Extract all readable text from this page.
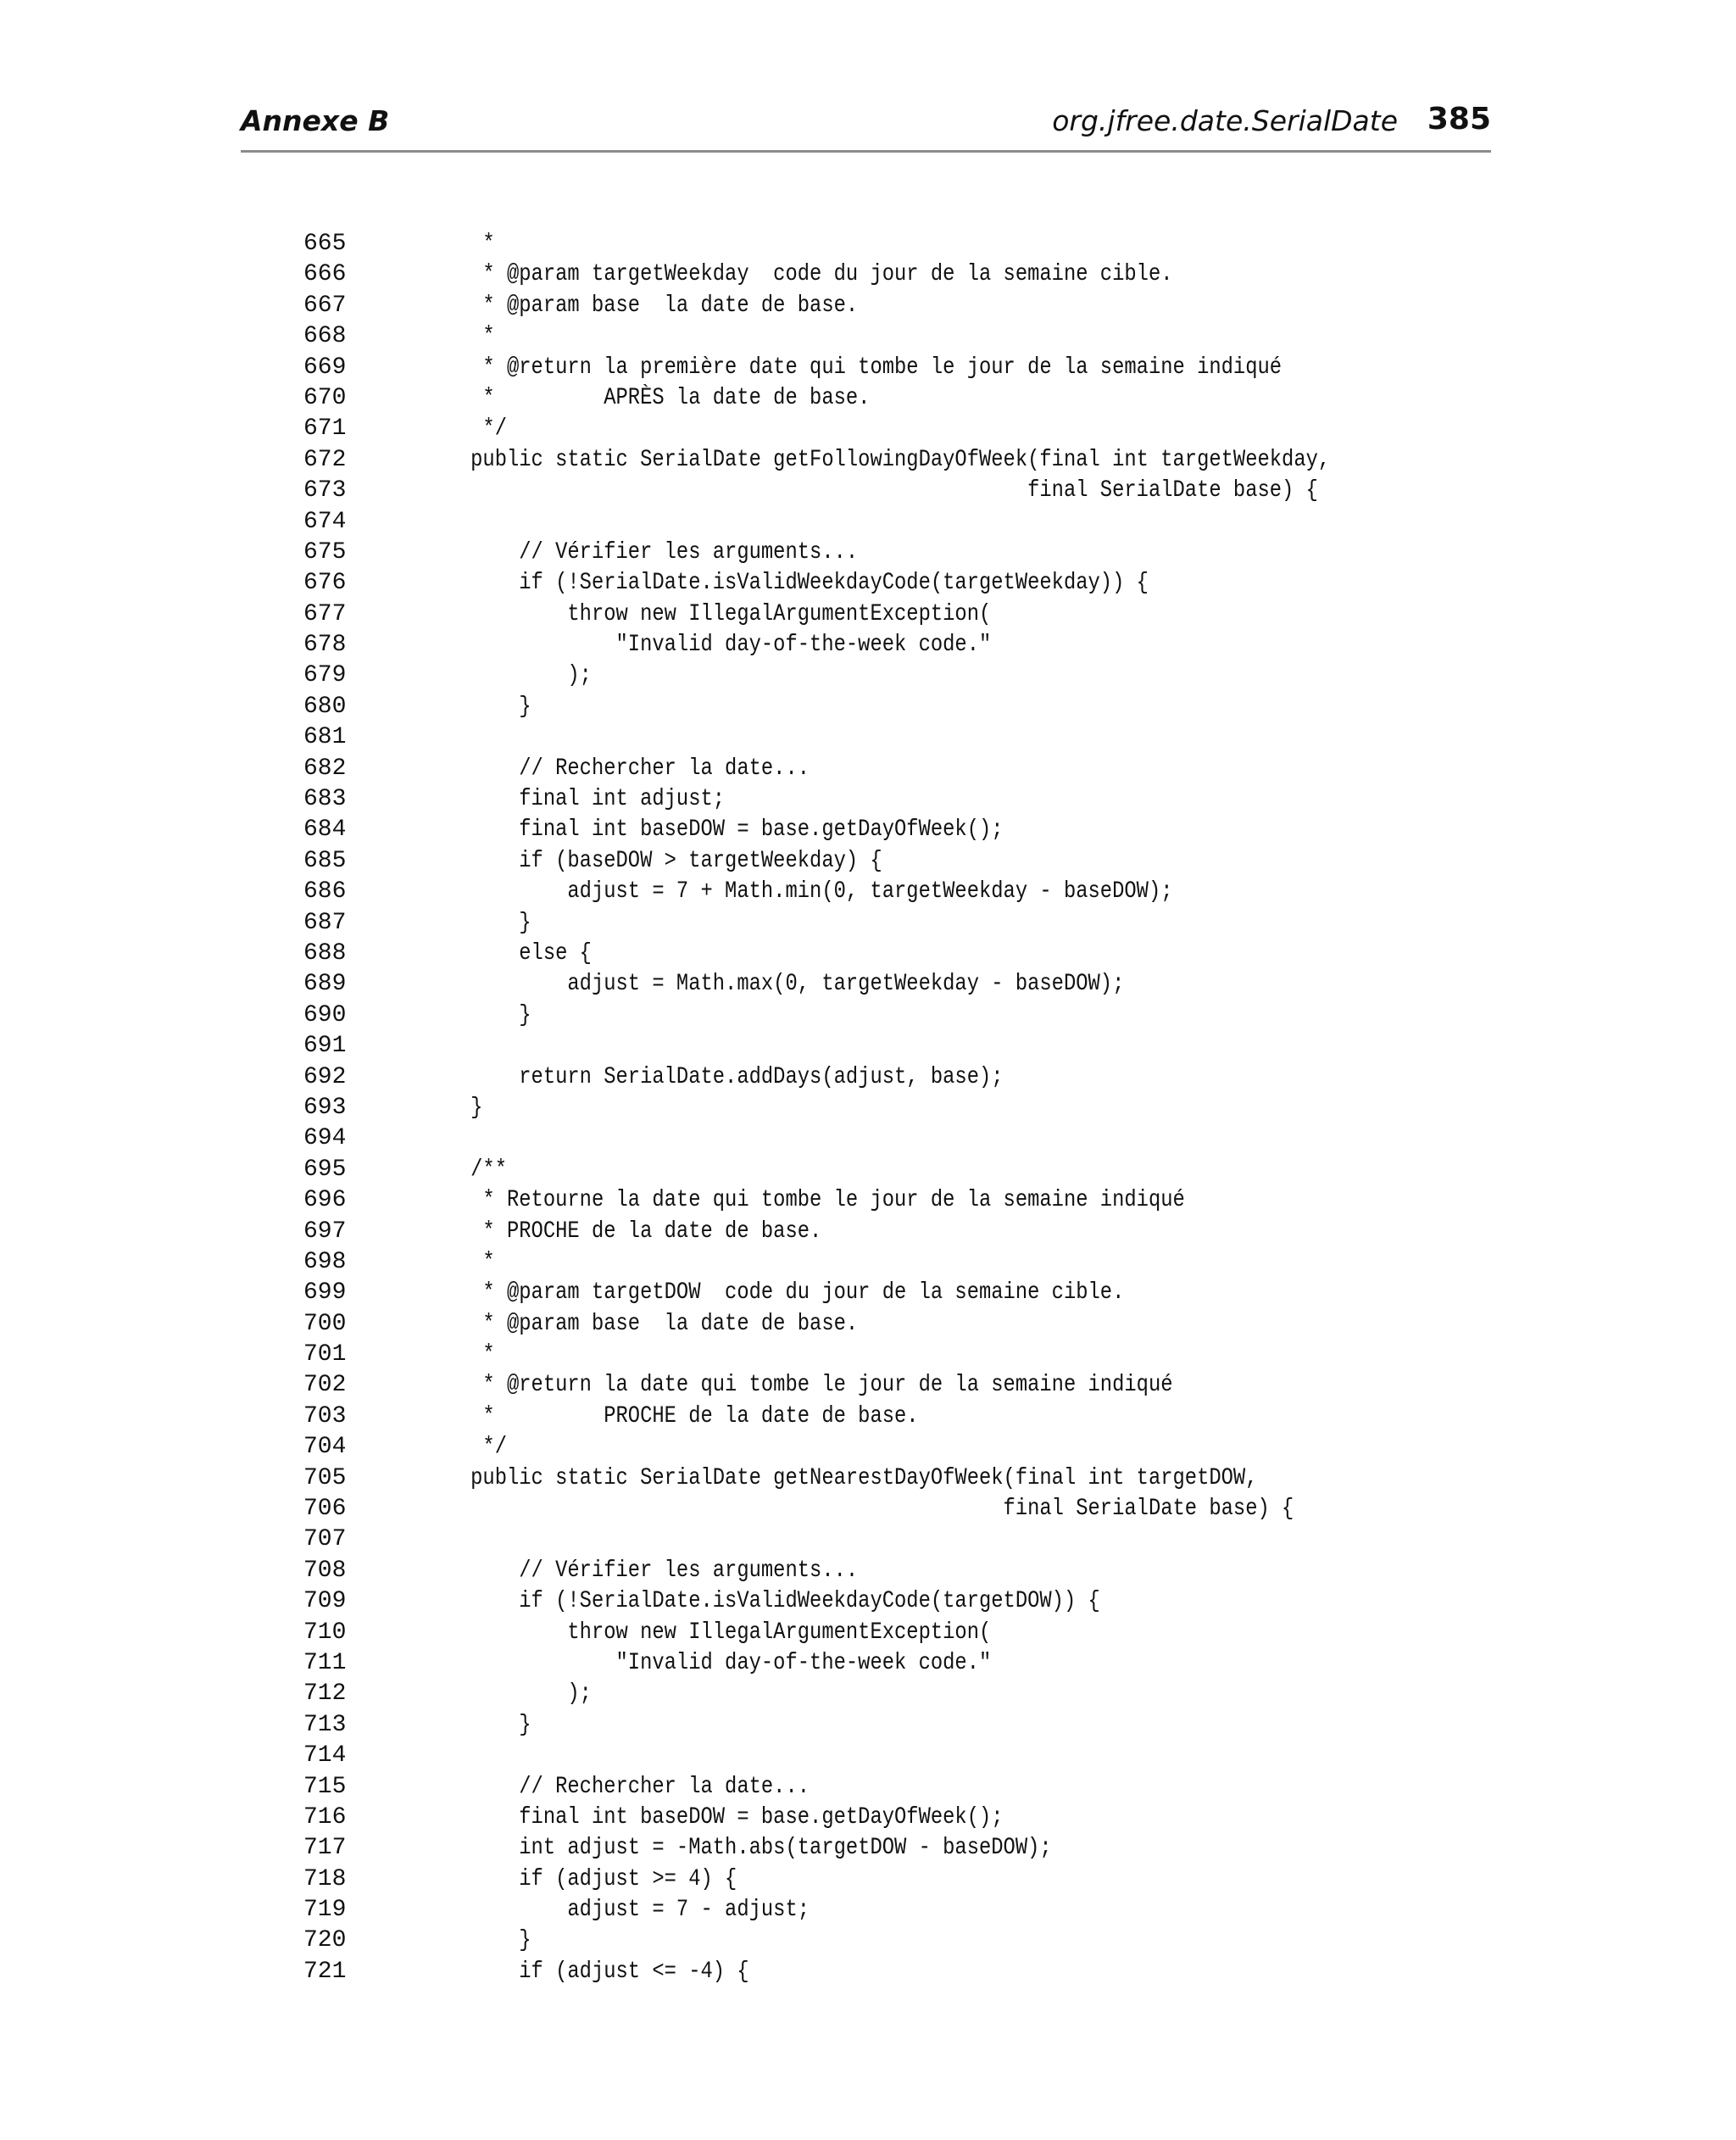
Annexe B	org.jfree.date.SerialDate 385
665	*
666	* @param targetWeekday  code du jour de la semaine cible.
667	* @param base  la date de base.
668	*
669	* @return la première date qui tombe le jour de la semaine indiqué
670	*         APRÈS la date de base.
671	*/
672	public static SerialDate getFollowingDayOfWeek(final int targetWeekday,
673	final SerialDate base) {
674
675	// Vérifier les arguments...
676	if (!SerialDate.isValidWeekdayCode(targetWeekday)) {
677	throw new IllegalArgumentException(
678	"Invalid day-of-the-week code."
679	);
680	}
681
682	// Rechercher la date...
683	final int adjust;
684	final int baseDOW = base.getDayOfWeek();
685	if (baseDOW > targetWeekday) {
686	adjust = 7 + Math.min(0, targetWeekday - baseDOW);
687	}
688	else {
689	adjust = Math.max(0, targetWeekday - baseDOW);
690	}
691
692	return SerialDate.addDays(adjust, base);
693	}
694
695	/**
696	* Retourne la date qui tombe le jour de la semaine indiqué
697	* PROCHE de la date de base.
698	*
699	* @param targetDOW  code du jour de la semaine cible.
700	* @param base  la date de base.
701	*
702	* @return la date qui tombe le jour de la semaine indiqué
703	*         PROCHE de la date de base.
704	*/
705	public static SerialDate getNearestDayOfWeek(final int targetDOW,
706	final SerialDate base) {
707
708	// Vérifier les arguments...
709	if (!SerialDate.isValidWeekdayCode(targetDOW)) {
710	throw new IllegalArgumentException(
711	"Invalid day-of-the-week code."
712	);
713	}
714
715	// Rechercher la date...
716	final int baseDOW = base.getDayOfWeek();
717	int adjust = -Math.abs(targetDOW - baseDOW);
718	if (adjust >= 4) {
719	adjust = 7 - adjust;
720	}
721	if (adjust <= -4) {
